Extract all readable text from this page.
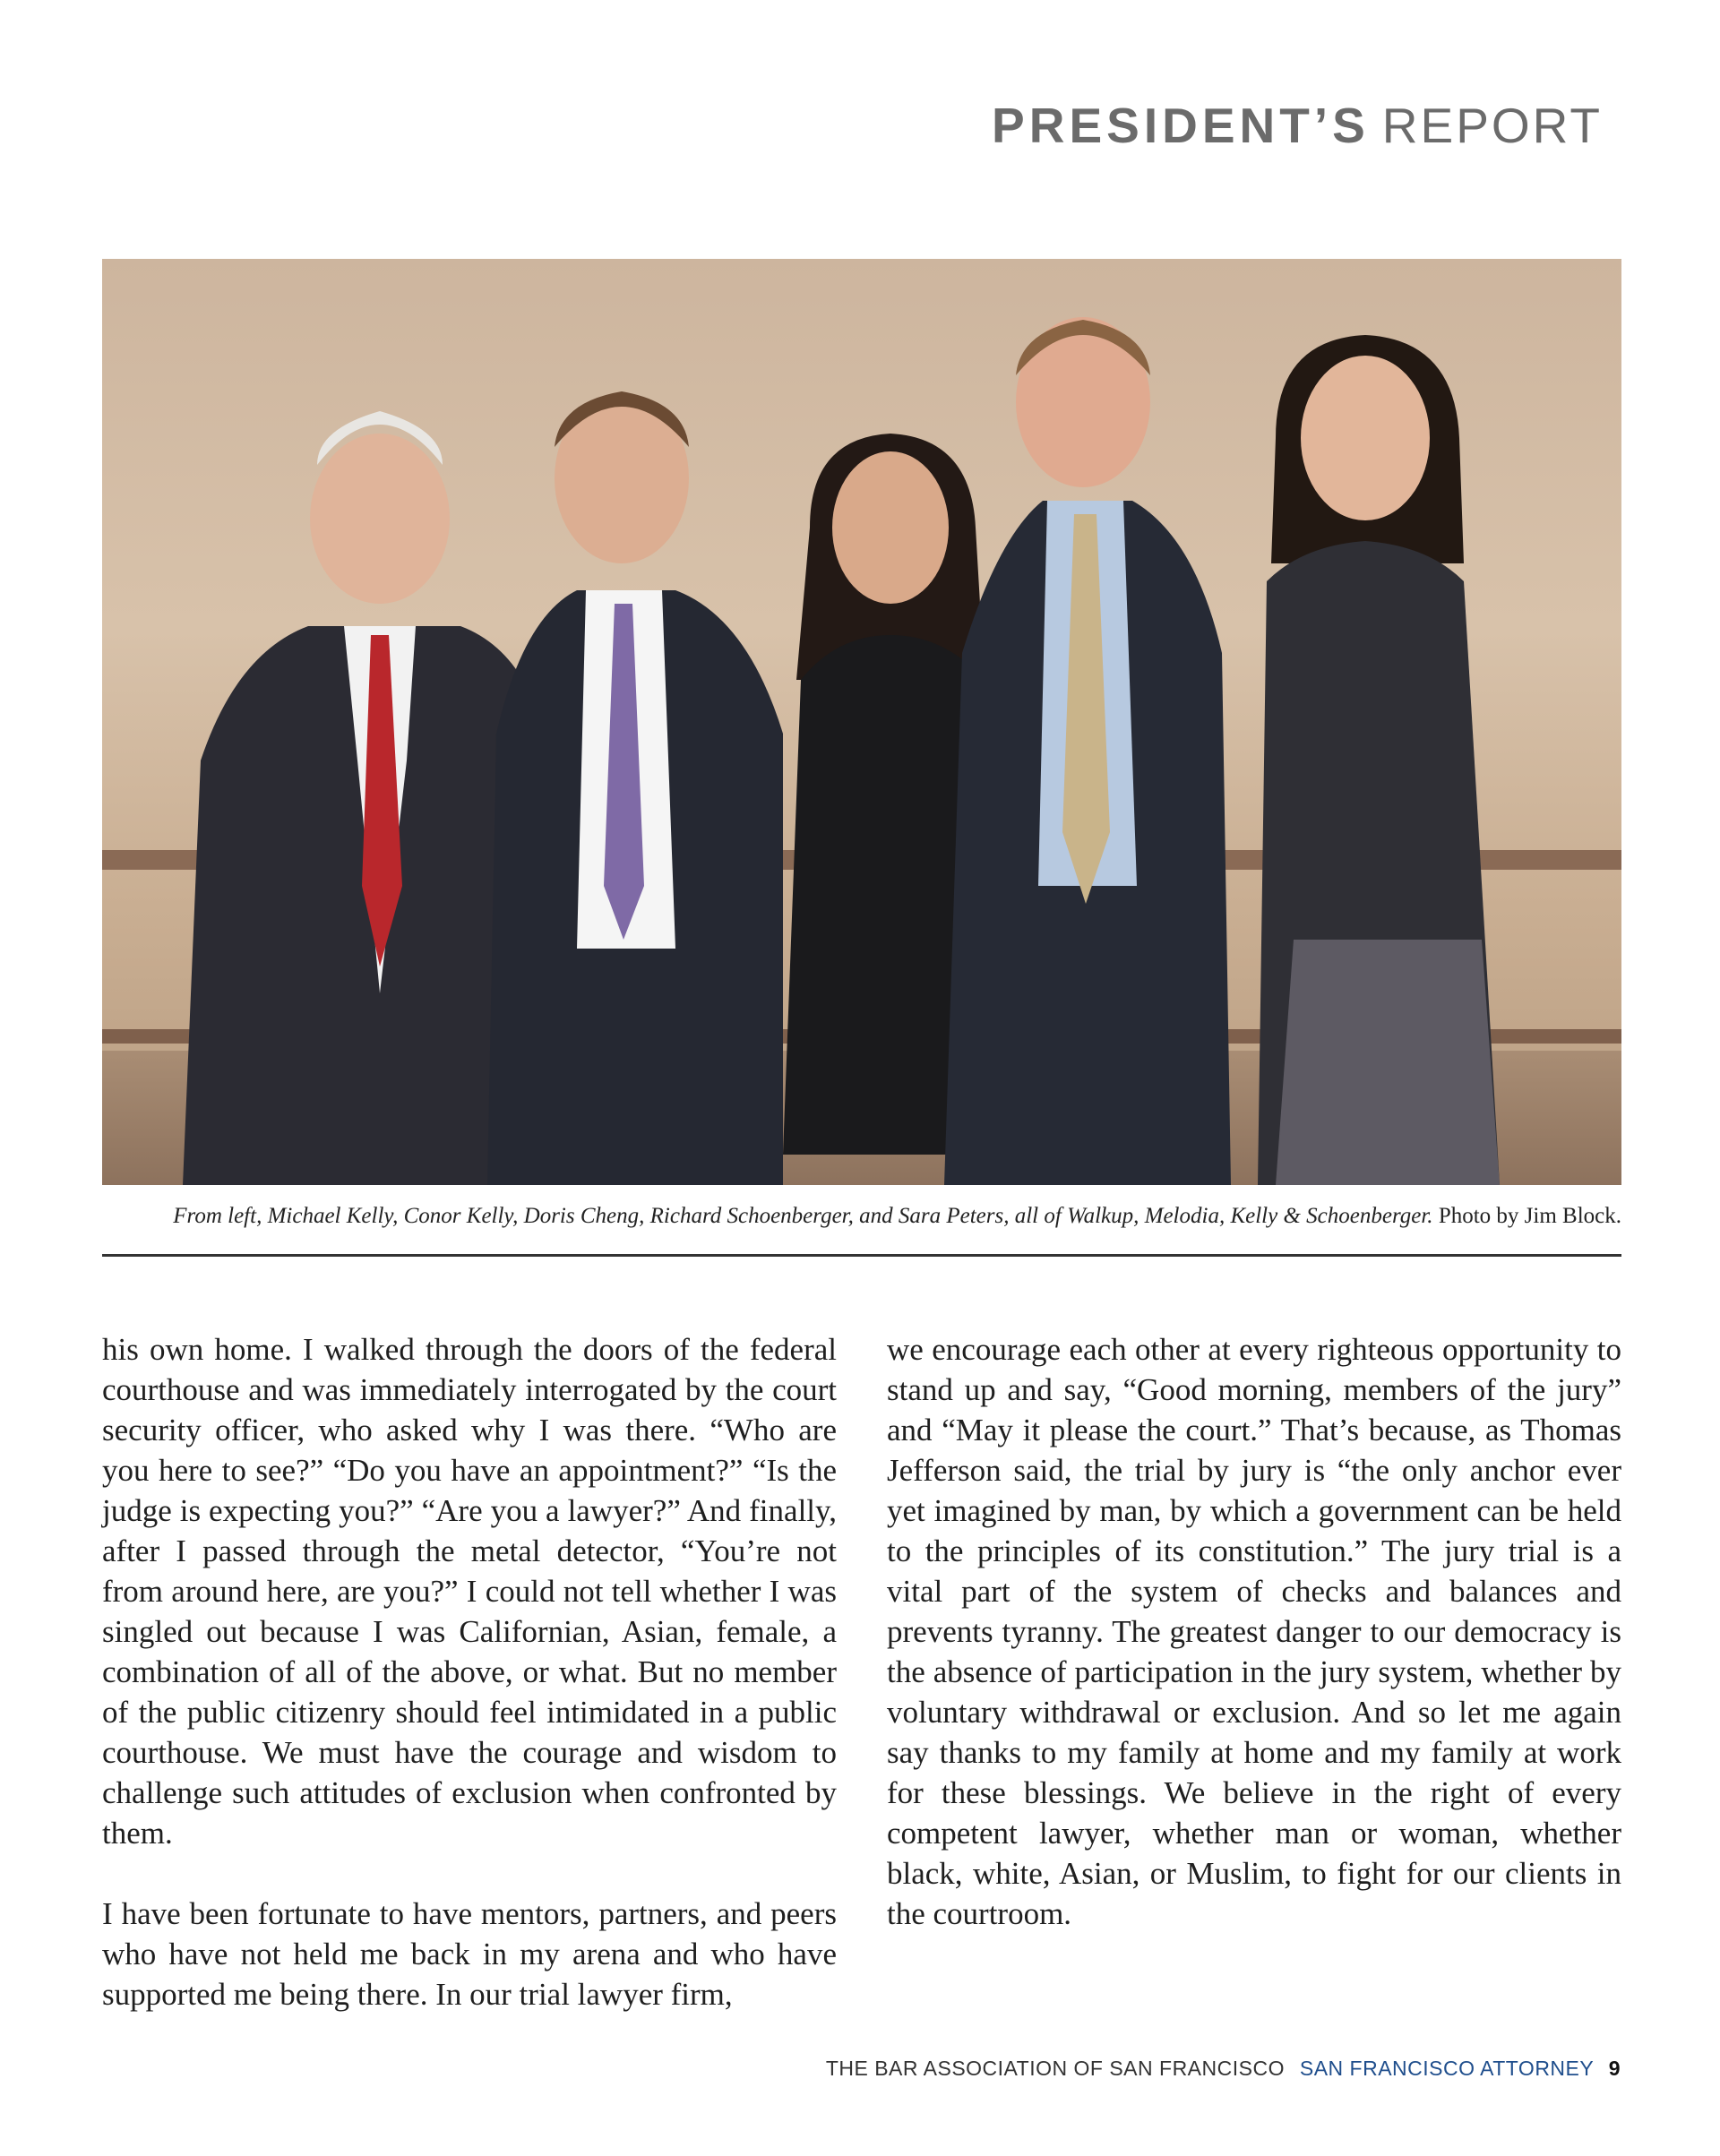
PRESIDENT’S REPORT
From left, Michael Kelly, Conor Kelly, Doris Cheng, Richard Schoenberger, and Sara Peters, all of Walkup, Melodia, Kelly & Schoenberger. Photo by Jim Block.

his own home. I walked through the doors of the federal courthouse and was immediately interrogated by the court security officer, who asked why I was there. “Who are you here to see?” “Do you have an appointment?” “Is the judge is expecting you?” “Are you a lawyer?” And finally, after I passed through the metal detector, “You’re not from around here, are you?” I could not tell whether I was singled out because I was Californian, Asian, female, a combination of all of the above, or what. But no member of the public citizenry should feel intimidated in a public courthouse. We must have the courage and wisdom to challenge such attitudes of exclusion when confronted by them.

I have been fortunate to have mentors, partners, and peers who have not held me back in my arena and who have supported me being there. In our trial lawyer firm,

we encourage each other at every righteous opportunity to stand up and say, “Good morning, members of the jury” and “May it please the court.” That’s because, as Thomas Jefferson said, the trial by jury is “the only anchor ever yet imagined by man, by which a government can be held to the principles of its constitution.” The jury trial is a vital part of the system of checks and balances and prevents tyranny. The greatest danger to our democracy is the absence of participation in the jury system, whether by voluntary withdrawal or exclusion. And so let me again say thanks to my family at home and my family at work for these blessings. We believe in the right of every competent lawyer, whether man or woman, whether black, white, Asian, or Muslim, to fight for our clients in the courtroom.

THE BAR ASSOCIATION OF SAN FRANCISCO SAN FRANCISCO ATTORNEY 9
